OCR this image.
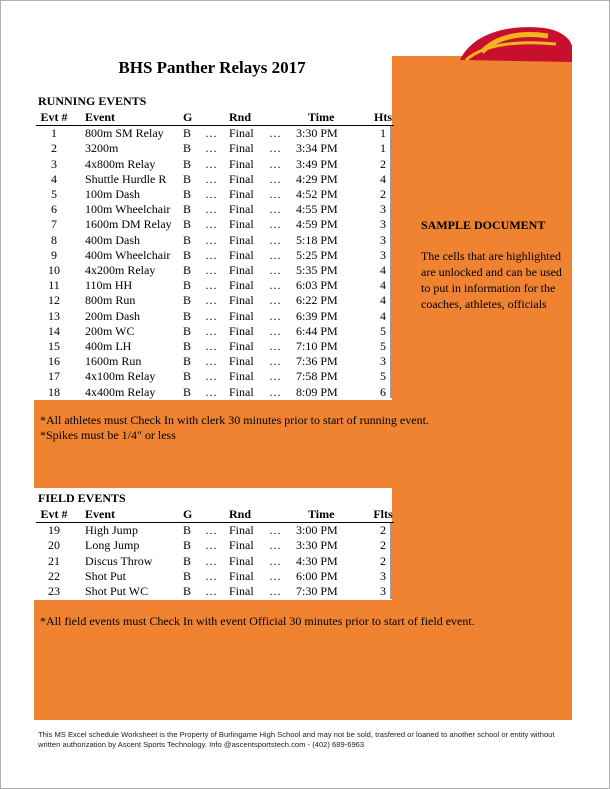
BHS Panther Relays 2017
RUNNING EVENTS
Evt #	Event	G		Rnd		Time	Hts
1	800m SM Relay	B	…	Final	…	3:30 PM	1
2	3200m	B	…	Final	…	3:34 PM	1
3	4x800m Relay	B	…	Final	…	3:49 PM	2
4	Shuttle Hurdle R	B	…	Final	…	4:29 PM	4
5	100m Dash	B	…	Final	…	4:52 PM	2
6	100m Wheelchair	B	…	Final	…	4:55 PM	3
7	1600m DM Relay	B	…	Final	…	4:59 PM	3
8	400m Dash	B	…	Final	…	5:18 PM	3
9	400m Wheelchair	B	…	Final	…	5:25 PM	3
10	4x200m Relay	B	…	Final	…	5:35 PM	4
11	110m HH	B	…	Final	…	6:03 PM	4
12	800m Run	B	…	Final	…	6:22 PM	4
13	200m Dash	B	…	Final	…	6:39 PM	4
14	200m WC	B	…	Final	…	6:44 PM	5
15	400m LH	B	…	Final	…	7:10 PM	5
16	1600m Run	B	…	Final	…	7:36 PM	3
17	4x100m Relay	B	…	Final	…	7:58 PM	5
18	4x400m Relay	B	…	Final	…	8:09 PM	6
*All athletes must Check In with clerk 30 minutes prior to start of running event.
*Spikes must be 1/4" or less
FIELD EVENTS
Evt #	Event	G		Rnd		Time	Flts
19	High Jump	B	…	Final	…	3:00 PM	2
20	Long Jump	B	…	Final	…	3:30 PM	2
21	Discus Throw	B	…	Final	…	4:30 PM	2
22	Shot Put	B	…	Final	…	6:00 PM	3
23	Shot Put WC	B	…	Final	…	7:30 PM	3
*All field events must Check In with event Official 30 minutes prior to start of field event.
SAMPLE DOCUMENT
The cells that are highlighted are unlocked and can be used to put in information for the coaches, athletes, officials
This MS Excel schedule Worksheet is the Property of Burlingame High School and may not be sold, trasfered or loaned to another school or entity without written authorization by Ascent Sports Technology. Info @ascentsportstech.com - (402) 689-6963
